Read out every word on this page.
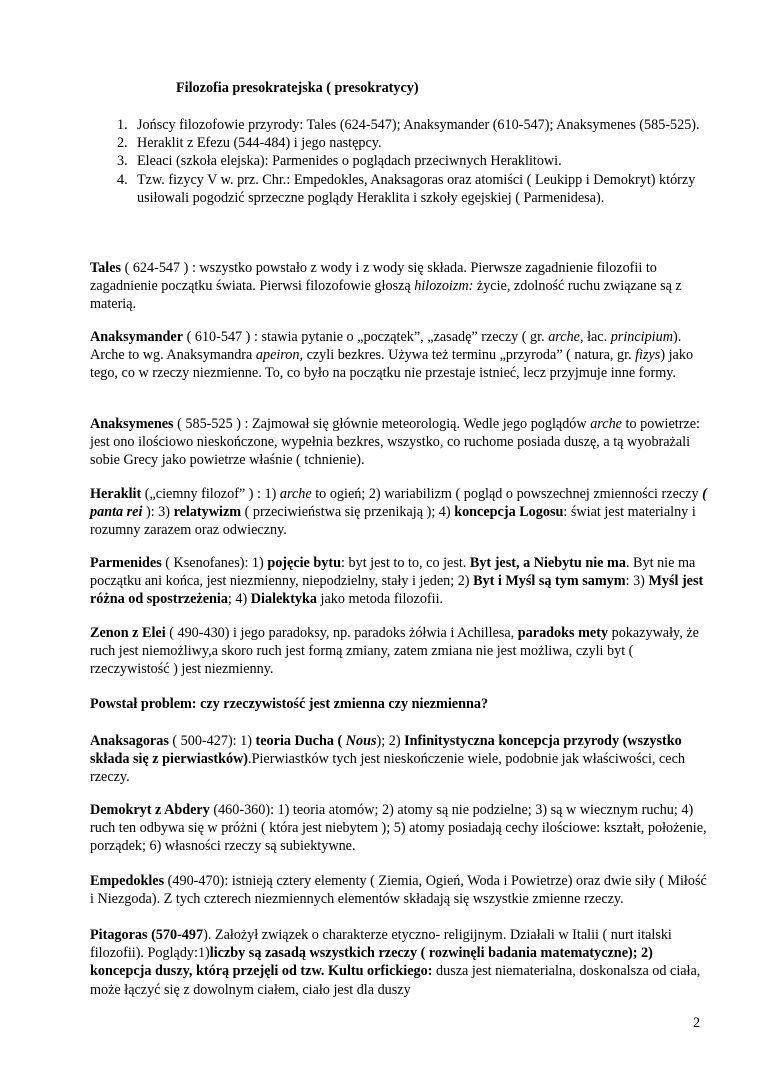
Filozofia presokratejska ( presokratycy)

1. Jońscy filozofowie przyrody: Tales (624-547); Anaksymander (610-547); Anaksymenes (585-525).
2. Heraklit z Efezu (544-484) i jego następcy.
3. Eleaci (szkoła elejska): Parmenides o poglądach przeciwnych Heraklitowi.
4. Tzw. fizycy V w. prz. Chr.: Empedokles, Anaksagoras oraz atomiści ( Leukipp i Demokryt) którzy usiłowali pogodzić sprzeczne poglądy Heraklita i szkoły egejskiej ( Parmenidesa).

Tales ( 624-547 ) : wszystko powstało z wody i z wody się składa. Pierwsze zagadnienie filozofii to zagadnienie początku świata. Pierwsi filozofowie głoszą hilozoizm: życie, zdolność ruchu związane są z materią.

Anaksymander ( 610-547 ) : stawia pytanie o „początek”, „zasadę” rzeczy ( gr. arche, łac. principium). Arche to wg. Anaksymandra apeiron, czyli bezkres. Używa też terminu „przyroda” ( natura, gr. fizys) jako tego, co w rzeczy niezmienne. To, co było na początku nie przestaje istnieć, lecz przyjmuje inne formy.

Anaksymenes ( 585-525 ) : Zajmował się głównie meteorologią. Wedle jego poglądów arche to powietrze: jest ono ilościowo nieskończone, wypełnia bezkres, wszystko, co ruchome posiada duszę, a tą wyobrażali sobie Grecy jako powietrze właśnie ( tchnienie).

Heraklit („ciemny filozof” ) : 1) arche to ogień; 2) wariabilizm ( pogląd o powszechnej zmienności rzeczy ( panta rei ): 3) relatywizm ( przeciwieństwa się przenikają ); 4) koncepcja Logosu: świat jest materialny i rozumny zarazem oraz odwieczny.

Parmenides ( Ksenofanes): 1) pojęcie bytu: byt jest to to, co jest. Byt jest, a Niebytu nie ma. Byt nie ma początku ani końca, jest niezmienny, niepodzielny, stały i jeden; 2) Byt i Myśl są tym samym: 3) Myśl jest różna od spostrzeżenia; 4) Dialektyka jako metoda filozofii.

Zenon z Elei ( 490-430) i jego paradoksy, np. paradoks żółwia i Achillesa, paradoks mety pokazywały, że ruch jest niemożliwy,a skoro ruch jest formą zmiany, zatem zmiana nie jest możliwa, czyli byt ( rzeczywistość ) jest niezmienny.

Powstał problem: czy rzeczywistość jest zmienna czy niezmienna?

Anaksagoras ( 500-427): 1) teoria Ducha ( Nous); 2) Infinitystyczna koncepcja przyrody (wszystko składa się z pierwiastków).Pierwiastków tych jest nieskończenie wiele, podobnie jak właściwości, cech rzeczy.

Demokryt z Abdery (460-360): 1) teoria atomów; 2) atomy są nie podzielne; 3) są w wiecznym ruchu; 4) ruch ten odbywa się w próżni ( która jest niebytem ); 5) atomy posiadają cechy ilościowe: kształt, położenie, porządek; 6) własności rzeczy są subiektywne.

Empedokles (490-470): istnieją cztery elementy ( Ziemia, Ogień, Woda i Powietrze) oraz dwie siły ( Miłość i Niezgoda). Z tych czterech niezmiennych elementów składają się wszystkie zmienne rzeczy.

Pitagoras (570-497). Założył związek o charakterze etyczno- religijnym. Działali w Italii ( nurt italski filozofii). Poglądy:1)liczby są zasadą wszystkich rzeczy ( rozwinęli badania matematyczne); 2) koncepcja duszy, którą przejęli od tzw. Kultu orfickiego: dusza jest niematerialna, doskonalsza od ciała, może łączyć się z dowolnym ciałem, ciało jest dla duszy

2
